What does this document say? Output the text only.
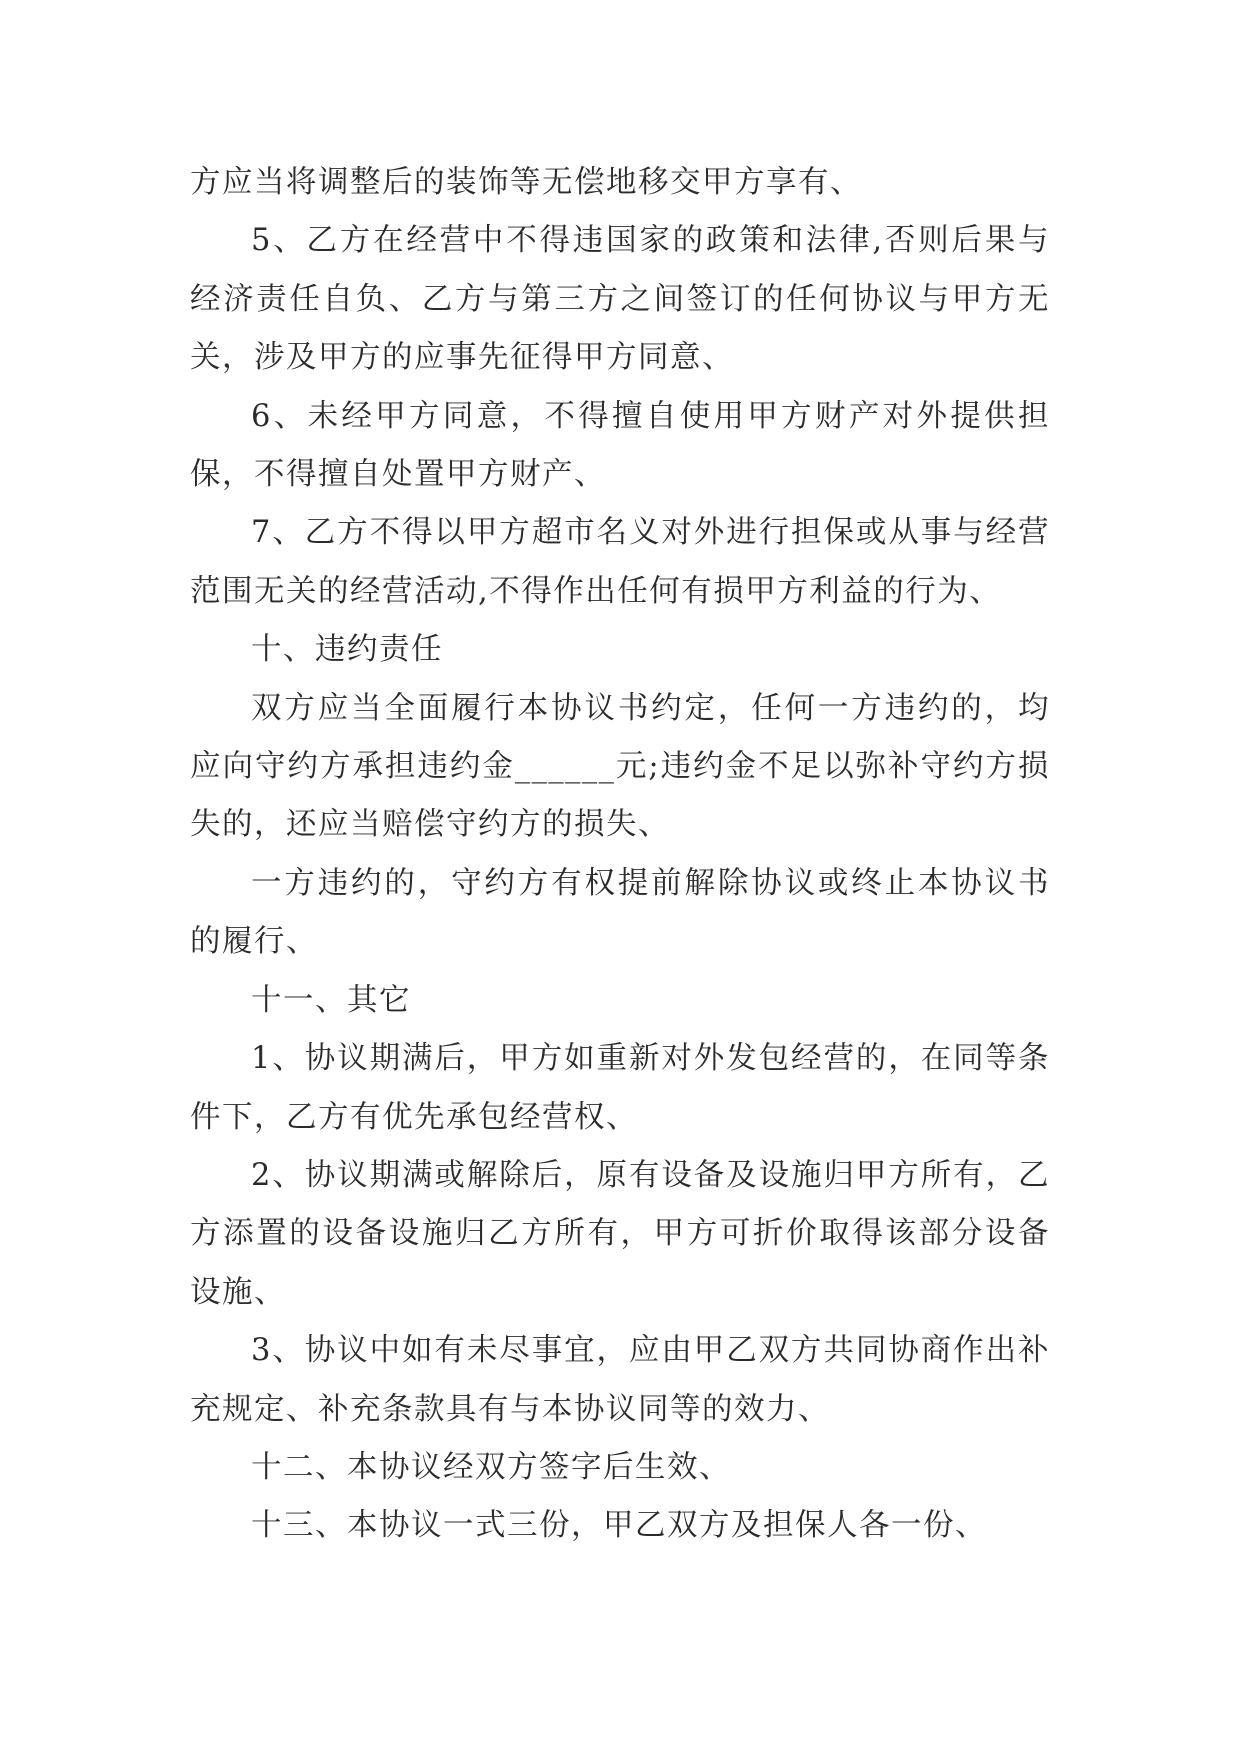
方应当将调整后的装饰等无偿地移交甲方享有、

5、乙方在经营中不得违国家的政策和法律,否则后果与经济责任自负、乙方与第三方之间签订的任何协议与甲方无关，涉及甲方的应事先征得甲方同意、

6、未经甲方同意，不得擅自使用甲方财产对外提供担保，不得擅自处置甲方财产、

7、乙方不得以甲方超市名义对外进行担保或从事与经营范围无关的经营活动,不得作出任何有损甲方利益的行为、

十、违约责任

双方应当全面履行本协议书约定，任何一方违约的，均应向守约方承担违约金______元;违约金不足以弥补守约方损失的，还应当赔偿守约方的损失、

一方违约的，守约方有权提前解除协议或终止本协议书的履行、

十一、其它

1、协议期满后，甲方如重新对外发包经营的，在同等条件下，乙方有优先承包经营权、

2、协议期满或解除后，原有设备及设施归甲方所有，乙方添置的设备设施归乙方所有，甲方可折价取得该部分设备设施、

3、协议中如有未尽事宜，应由甲乙双方共同协商作出补充规定、补充条款具有与本协议同等的效力、

十二、本协议经双方签字后生效、

十三、本协议一式三份，甲乙双方及担保人各一份、
